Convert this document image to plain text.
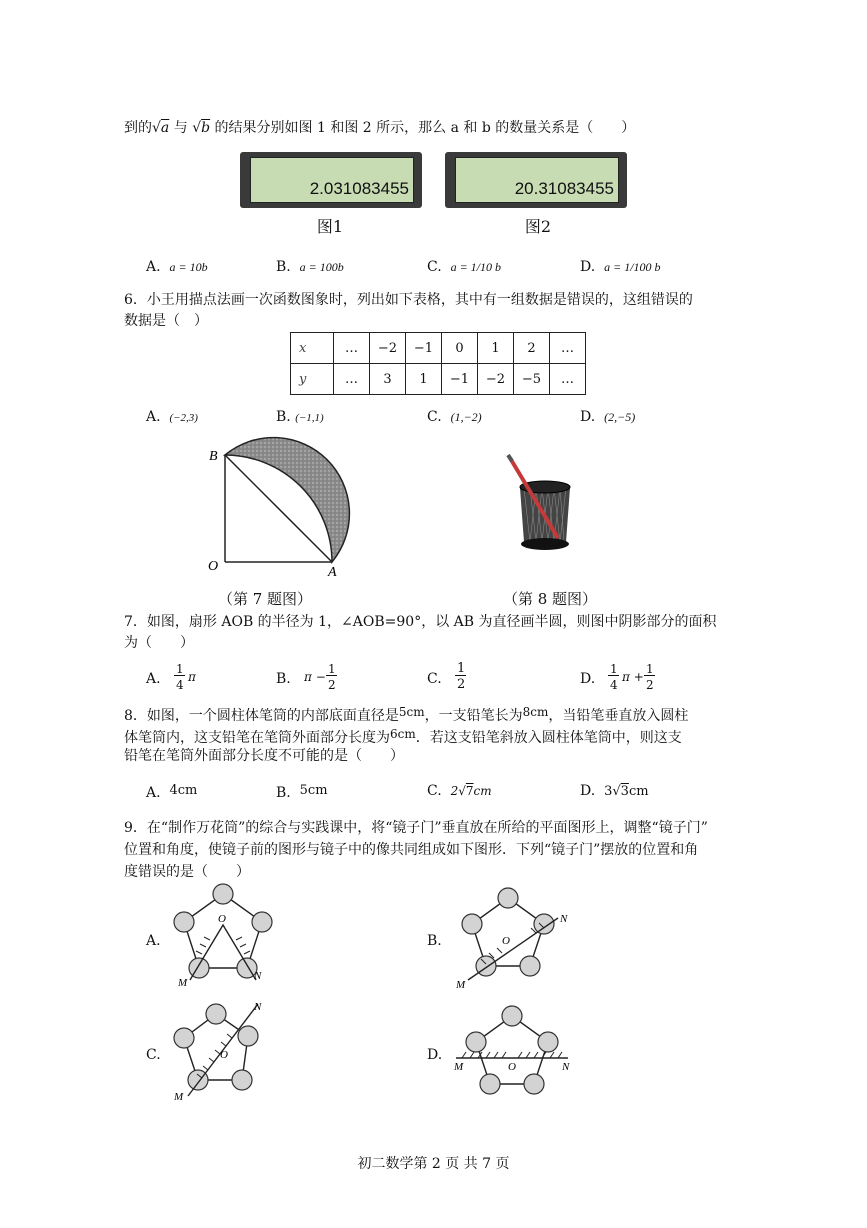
到的√a 与 √b 的结果分别如图 1 和图 2 所示，那么 a 和 b 的数量关系是（　　）
2.031083455	20.31083455
图1	图2
A. a = 10b	B. a = 100b	C. a = 1/10 b	D. a = 1/100 b
6．小王用描点法画一次函数图象时，列出如下表格，其中有一组数据是错误的，这组错误的
数据是（　）
x	…	−2	−1	0	1	2	…
y	…	3	1	−1	−2	−5	…
A. (−2,3)	B. (−1,1)	C. (1,−2)	D. (2,−5)
B
O	A
（第 7 题图）	（第 8 题图）
7．如图，扇形 AOB 的半径为 1，∠AOB=90°，以 AB 为直径画半圆，则图中阴影部分的面积
为（　　）
A.
1
4
π	B. π −
1
2	C.
1
2	D.
1
4
π +
1
2
8．如图，一个圆柱体笔筒的内部底面直径是5cm，一支铅笔长为8cm，当铅笔垂直放入圆柱
体笔筒内，这支铅笔在笔筒外面部分长度为6cm．若这支铅笔斜放入圆柱体笔筒中，则这支
铅笔在笔筒外面部分长度不可能的是（　　）
A. 4cm	B. 5cm	C. 2√7cm	D. 3√3cm
9．在“制作万花筒”的综合与实践课中，将“镜子门”垂直放在所给的平面图形上，调整“镜子门”
位置和角度，使镜子前的图形与镜子中的像共同组成如下图形．下列“镜子门”摆放的位置和角
度错误的是（　　）
A.
O
M
N
B.	O
M
N
C.	O
M
N
D.
O
M	N
初二数学第 2 页 共 7 页
